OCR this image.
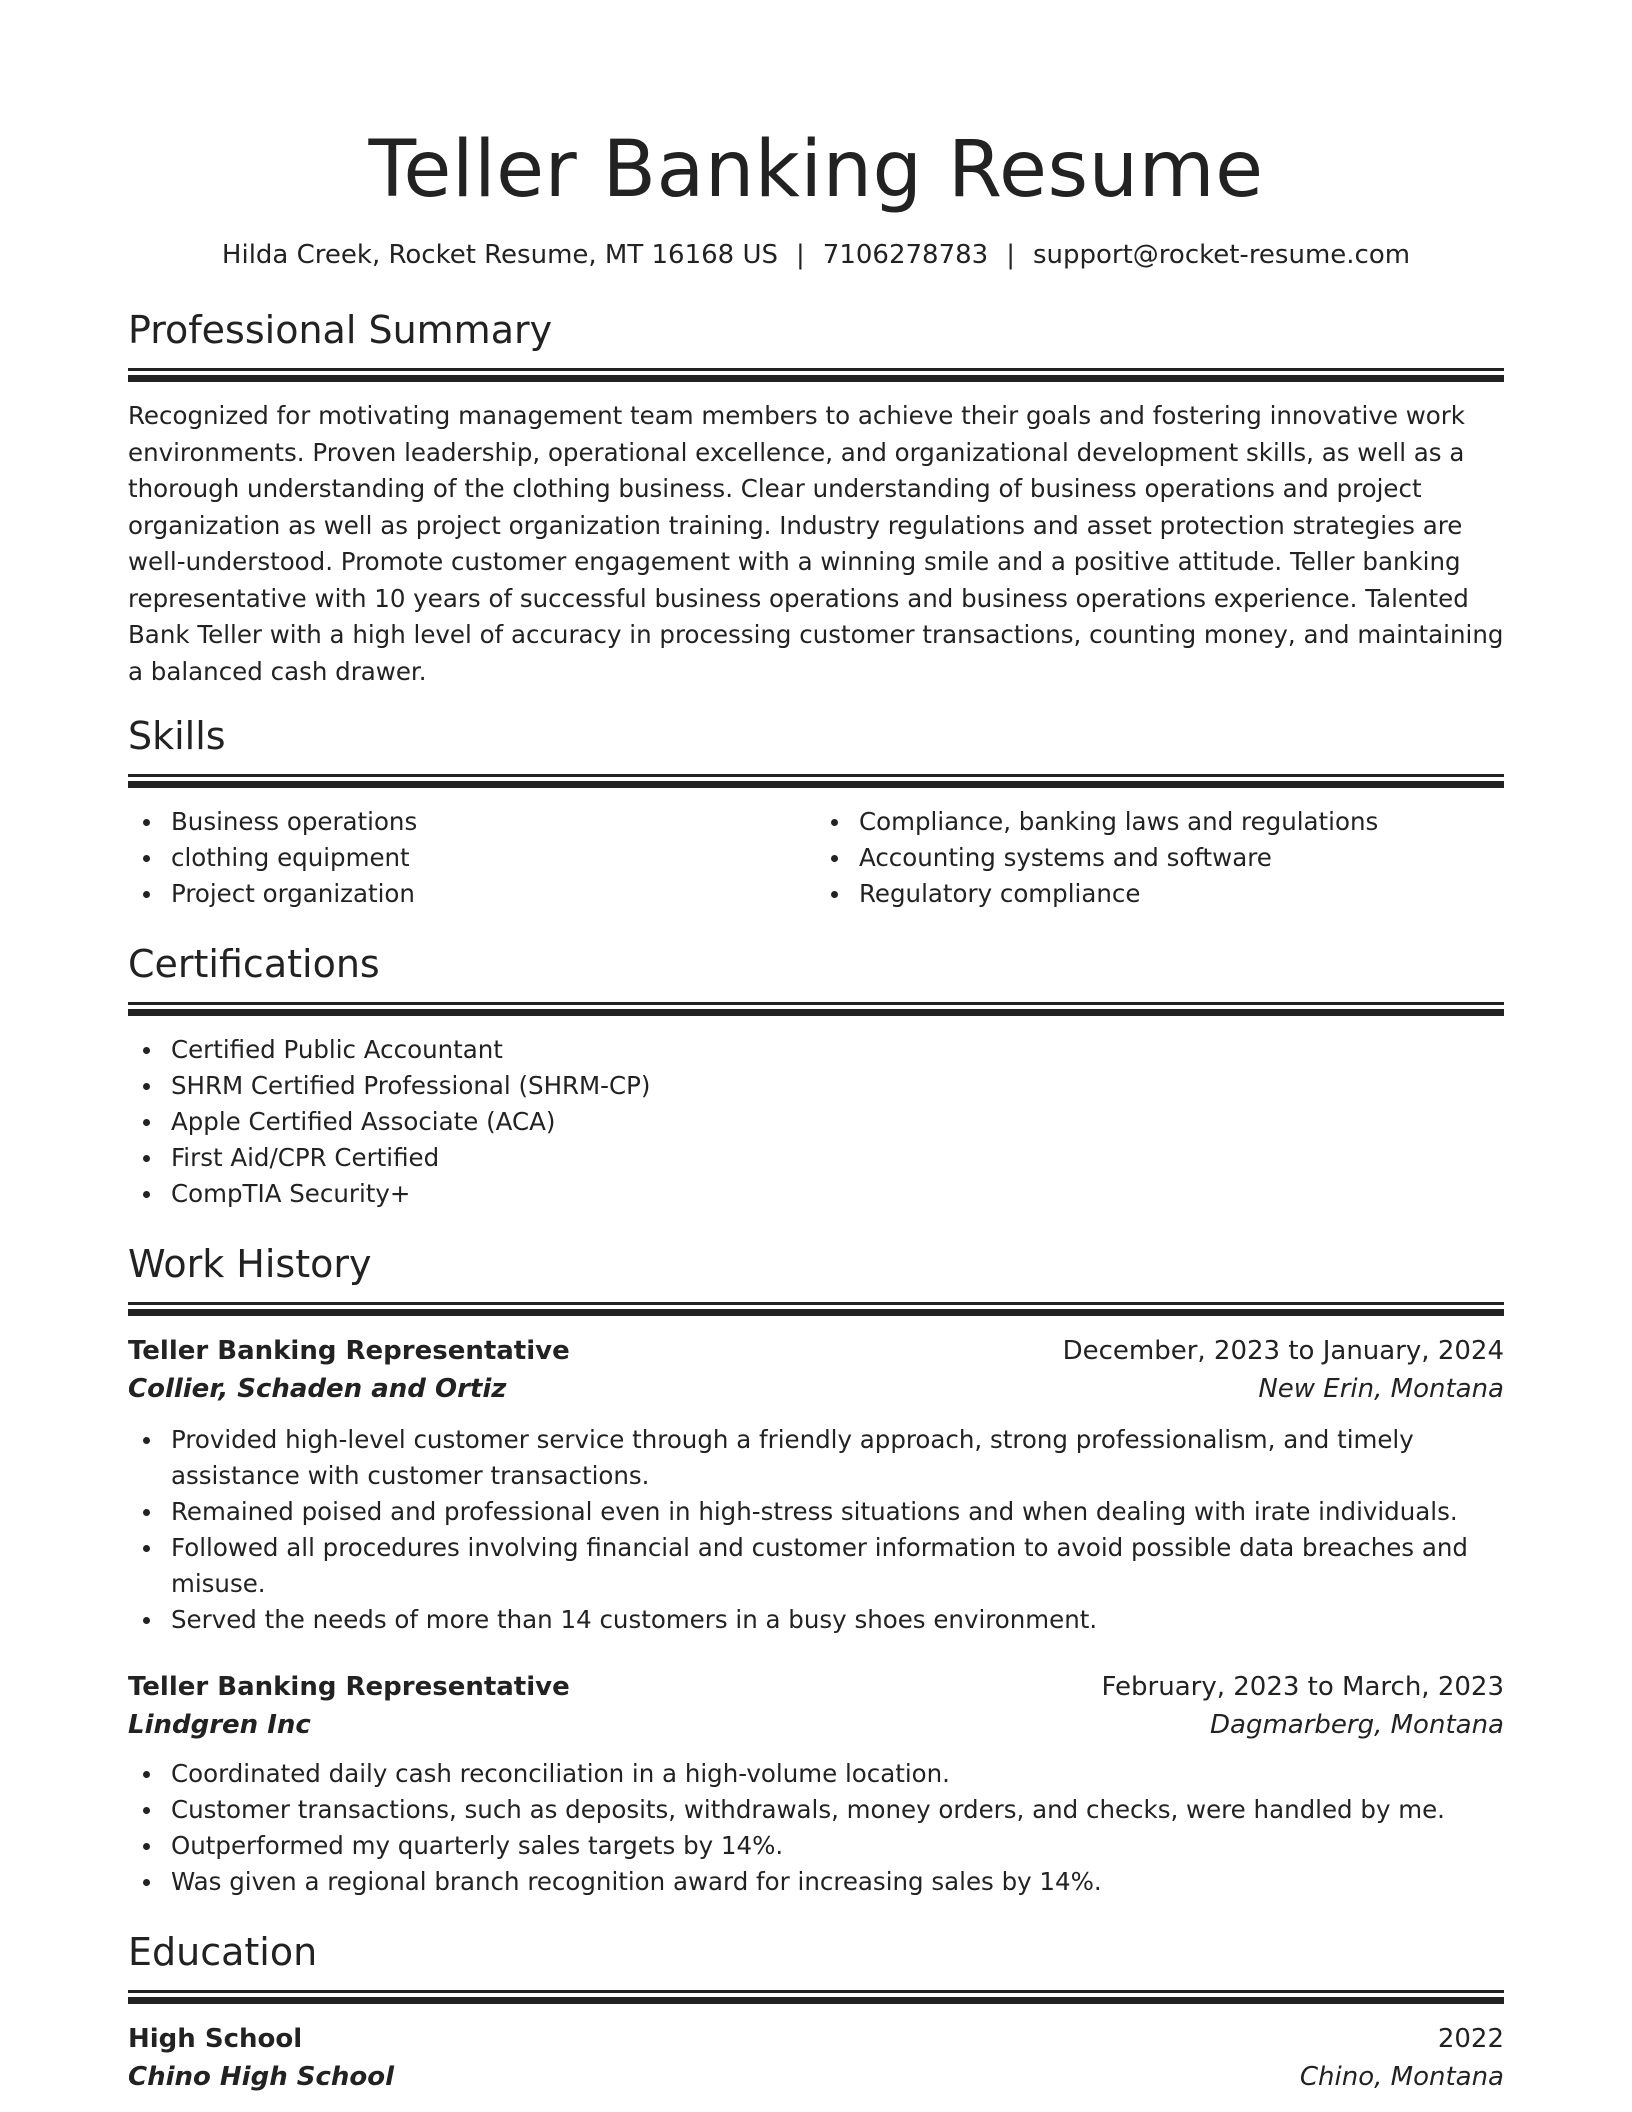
Teller Banking Resume
Hilda Creek, Rocket Resume, MT 16168 US | 7106278783 | support@rocket-resume.com
Professional Summary

Recognized for motivating management team members to achieve their goals and fostering innovative work environments. Proven leadership, operational excellence, and organizational development skills, as well as a thorough understanding of the clothing business. Clear understanding of business operations and project organization as well as project organization training. Industry regulations and asset protection strategies are well-understood. Promote customer engagement with a winning smile and a positive attitude. Teller banking representative with 10 years of successful business operations and business operations experience. Talented Bank Teller with a high level of accuracy in processing customer transactions, counting money, and maintaining a balanced cash drawer.

Skills
Business operations
clothing equipment
Project organization
Compliance, banking laws and regulations
Accounting systems and software
Regulatory compliance
Certifications
Certified Public Accountant
SHRM Certified Professional (SHRM-CP)
Apple Certified Associate (ACA)
First Aid/CPR Certified
CompTIA Security+
Work History
Teller Banking Representative	December, 2023 to January, 2024
Collier, Schaden and Ortiz	New Erin, Montana
Provided high-level customer service through a friendly approach, strong professionalism, and timely assistance with customer transactions.
Remained poised and professional even in high-stress situations and when dealing with irate individuals.
Followed all procedures involving financial and customer information to avoid possible data breaches and misuse.
Served the needs of more than 14 customers in a busy shoes environment.
Teller Banking Representative	February, 2023 to March, 2023
Lindgren Inc	Dagmarberg, Montana
Coordinated daily cash reconciliation in a high-volume location.
Customer transactions, such as deposits, withdrawals, money orders, and checks, were handled by me.
Outperformed my quarterly sales targets by 14%.
Was given a regional branch recognition award for increasing sales by 14%.
Education
High School	2022
Chino High School	Chino, Montana
